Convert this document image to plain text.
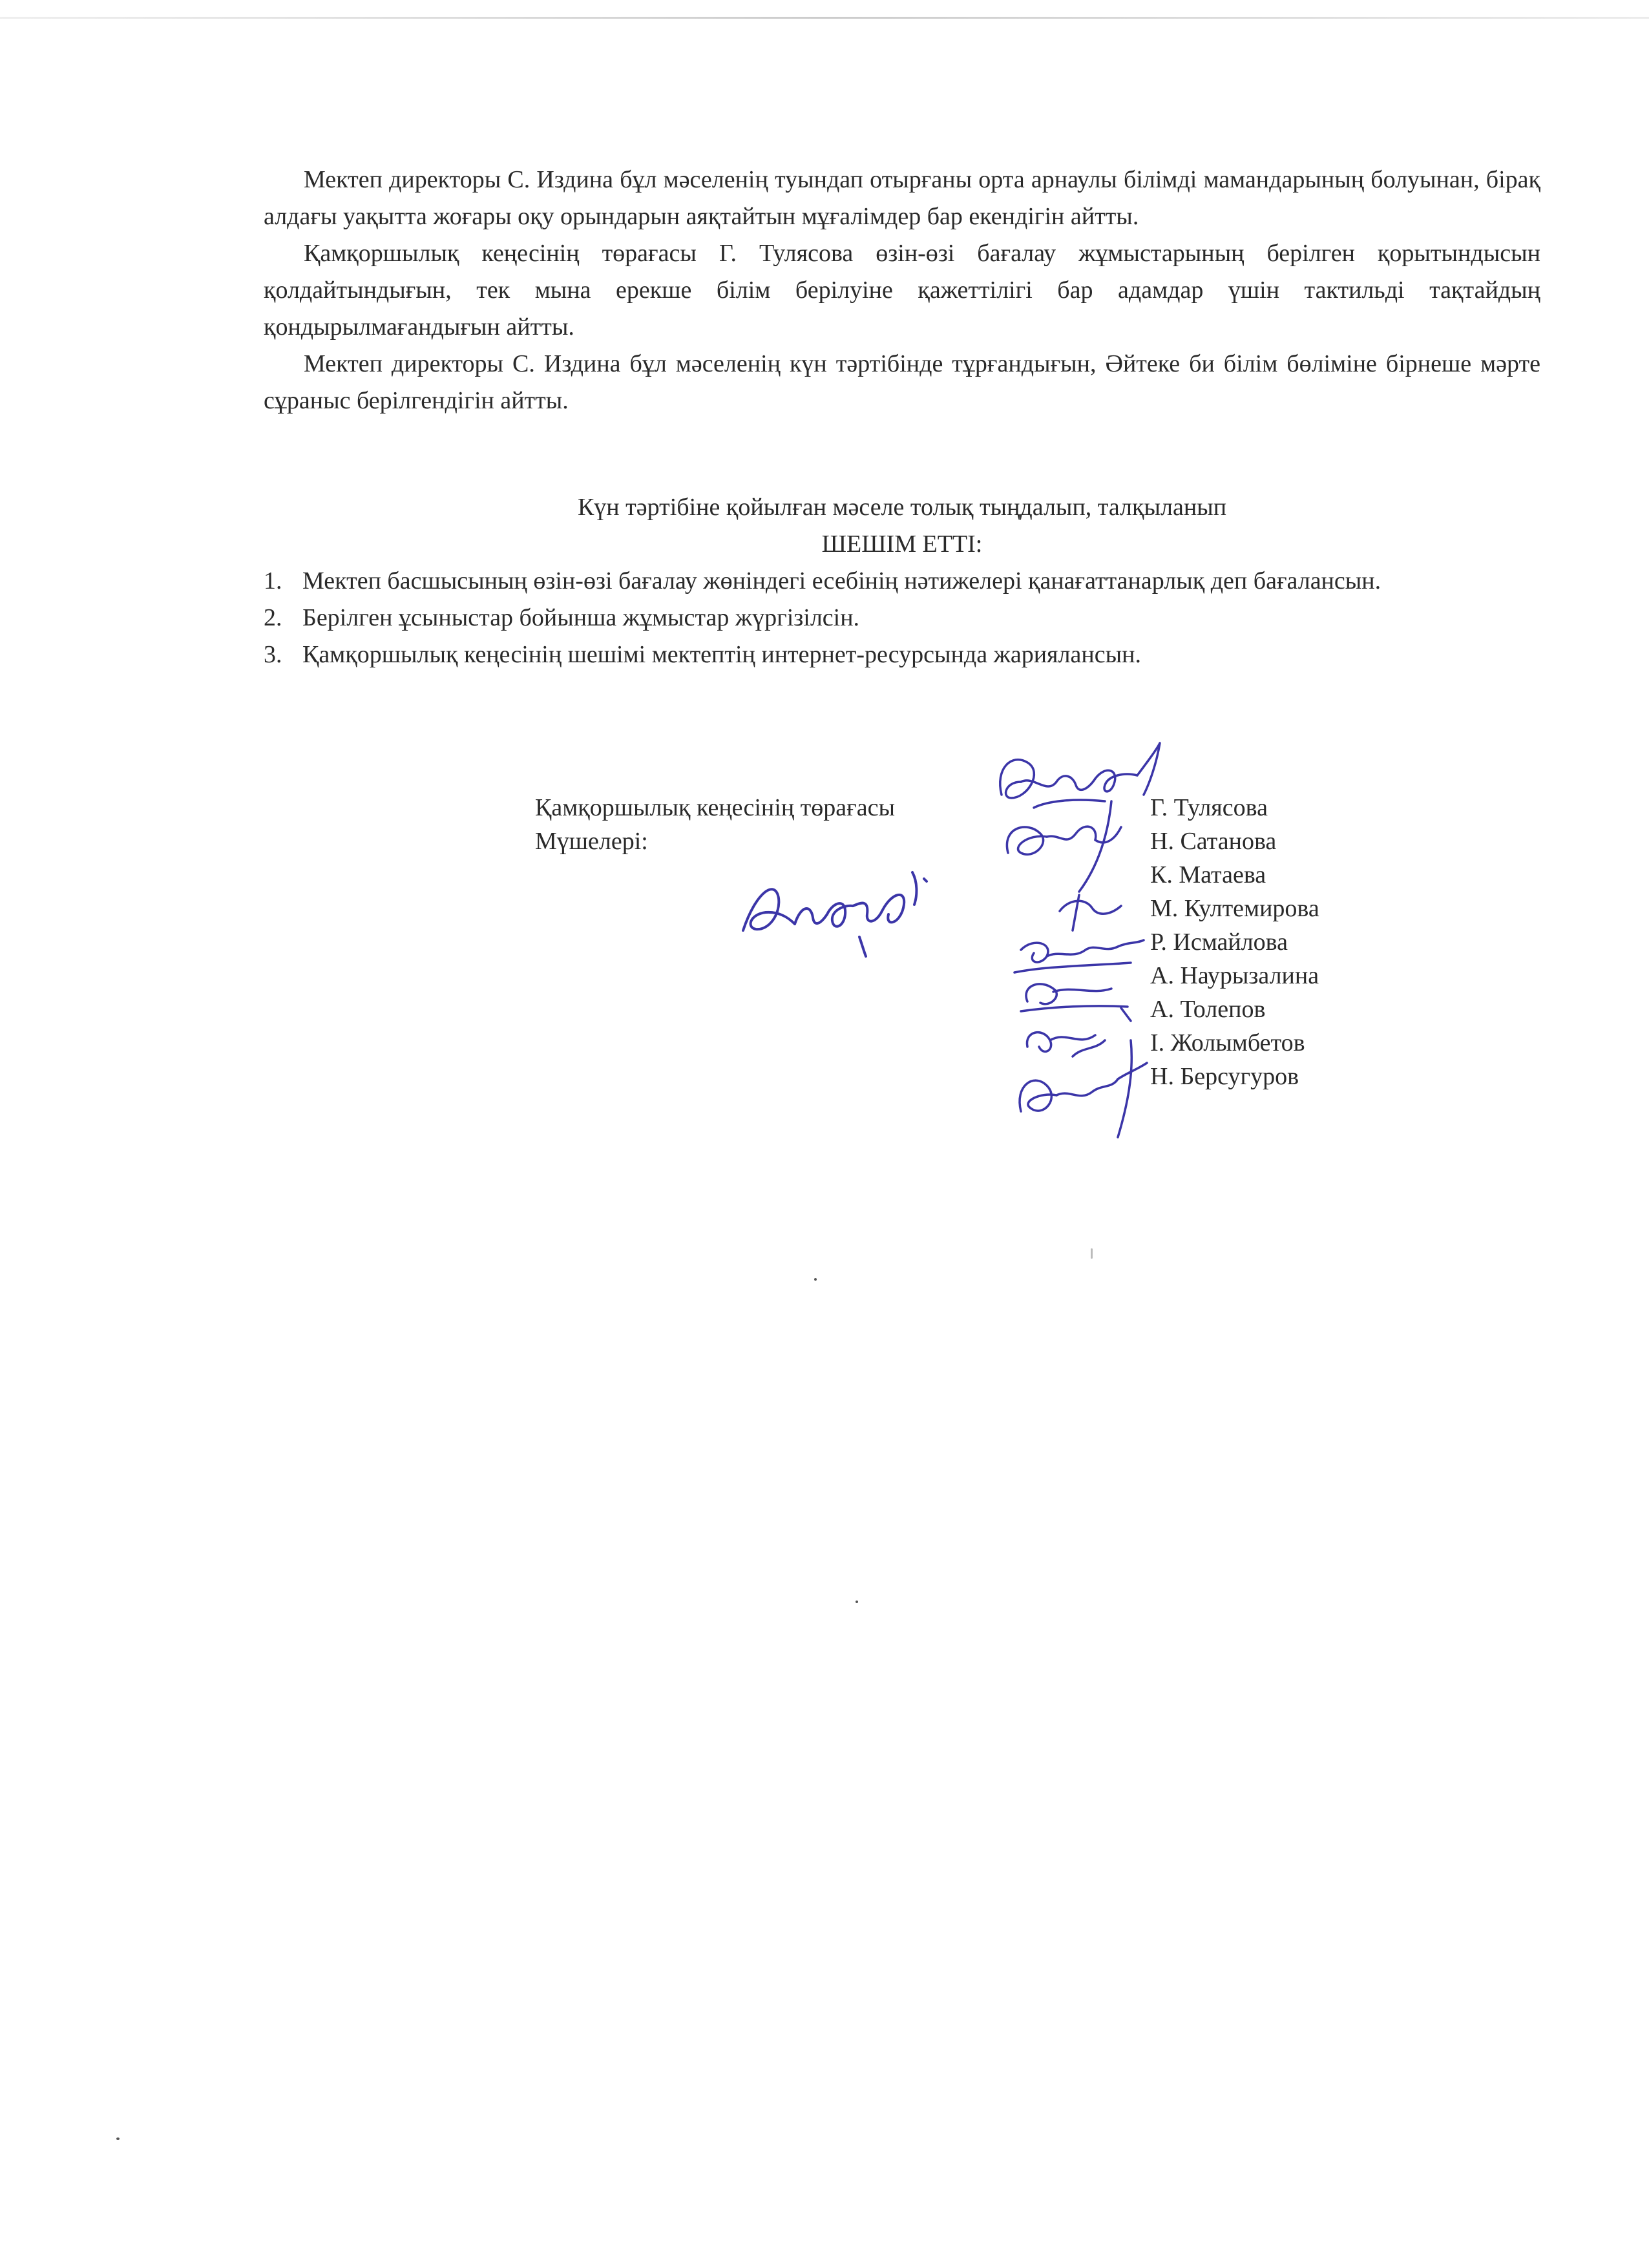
Мектеп директоры С. Издина бұл мәселенің туындап отырғаны орта арнаулы білімді мамандарының болуынан, бірақ алдағы уақытта жоғары оқу орындарын аяқтайтын мұғалімдер бар екендігін айтты.

Қамқоршылық кеңесінің төрағасы Г. Тулясова өзін-өзі бағалау жұмыстарының берілген қорытындысын қолдайтындығын, тек мына ерекше білім берілуіне қажеттілігі бар адамдар үшін тактильді тақтайдың қондырылмағандығын айтты.

Мектеп директоры С. Издина бұл мәселенің күн тәртібінде тұрғандығын, Әйтеке би білім бөліміне бірнеше мәрте сұраныс берілгендігін айтты.

Күн тәртібіне қойылған мәселе толық тыңдалып, талқыланып

ШЕШІМ ЕТТІ:

1. Мектеп басшысының өзін-өзі бағалау жөніндегі есебінің нәтижелері қанағаттанарлық деп бағалансын.
2. Берілген ұсыныстар бойынша жұмыстар жүргізілсін.
3. Қамқоршылық кеңесінің шешімі мектептің интернет-ресурсында жариялансын.
Қамқоршылық кеңесінің төрағасы
Мүшелері:
Г. Тулясова
Н. Сатанова
К. Матаева
М. Култемирова
Р. Исмайлова
А. Наурызалина
А. Толепов
І. Жолымбетов
Н. Берсугуров
